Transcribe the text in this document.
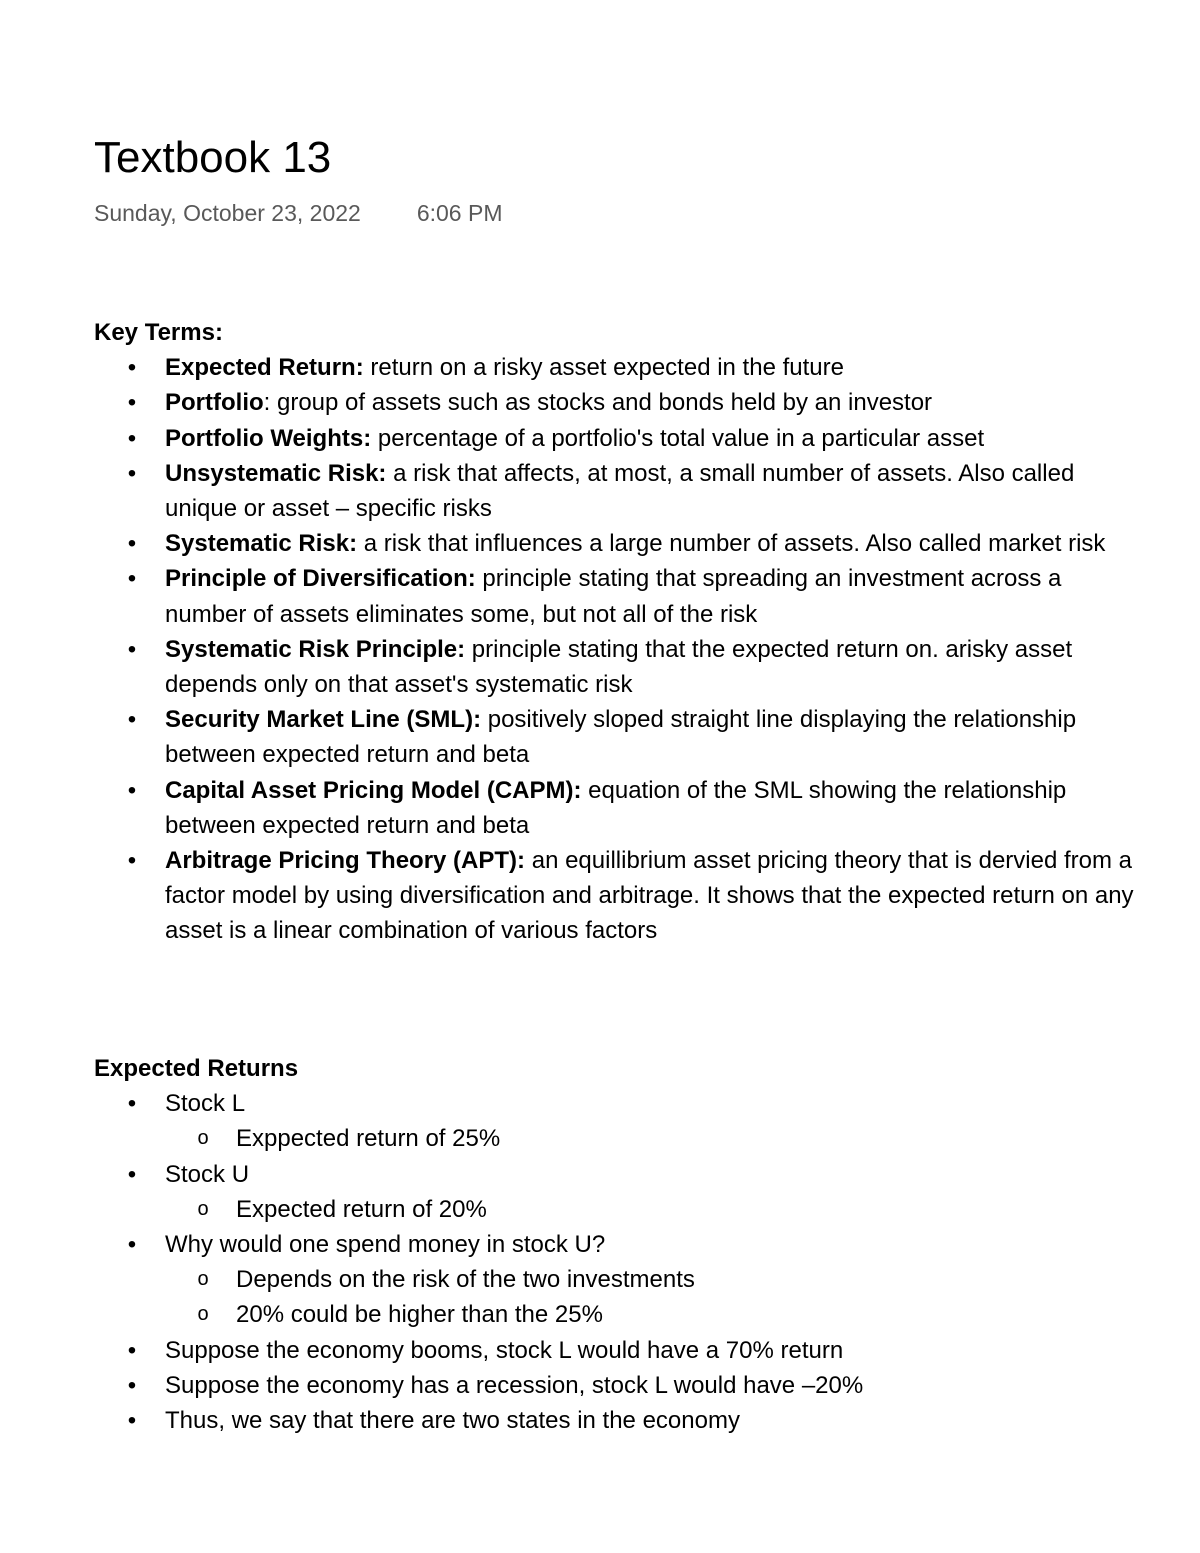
Textbook 13
Sunday, October 23, 2022 6:06 PM
Key Terms:
• Expected Return: return on a risky asset expected in the future
• Portfolio: group of assets such as stocks and bonds held by an investor
• Portfolio Weights: percentage of a portfolio's total value in a particular asset
• Unsystematic Risk: a risk that affects, at most, a small number of assets. Also called unique or asset – specific risks
• Systematic Risk: a risk that influences a large number of assets. Also called market risk
• Principle of Diversification: principle stating that spreading an investment across a number of assets eliminates some, but not all of the risk
• Systematic Risk Principle: principle stating that the expected return on. arisky asset depends only on that asset's systematic risk
• Security Market Line (SML): positively sloped straight line displaying the relationship between expected return and beta
• Capital Asset Pricing Model (CAPM): equation of the SML showing the relationship between expected return and beta
• Arbitrage Pricing Theory (APT): an equillibrium asset pricing theory that is dervied from a factor model by using diversification and arbitrage. It shows that the expected return on any asset is a linear combination of various factors
Expected Returns
• Stock L
o Exppected return of 25%
• Stock U
o Expected return of 20%
• Why would one spend money in stock U?
o Depends on the risk of the two investments
o 20% could be higher than the 25%
• Suppose the economy booms, stock L would have a 70% return
• Suppose the economy has a recession, stock L would have –20%
• Thus, we say that there are two states in the economy
